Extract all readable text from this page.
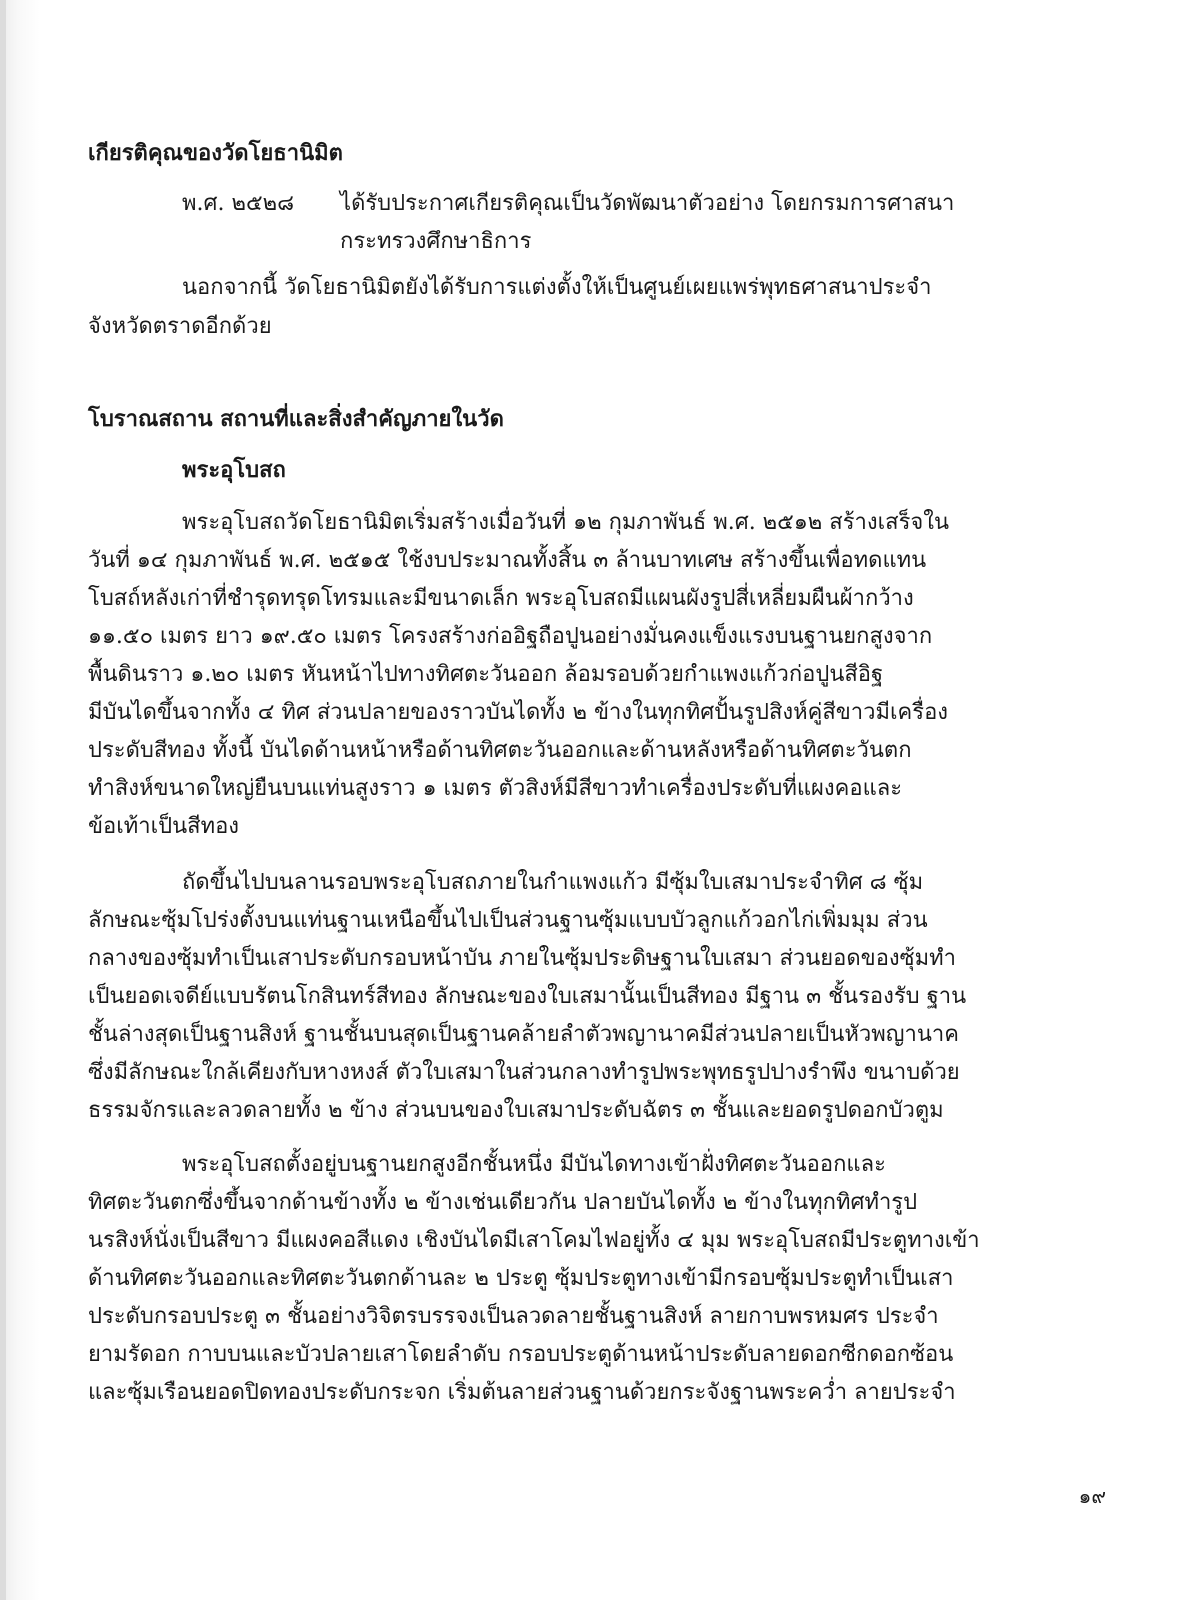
เกียรติคุณของวัดโยธานิมิต
พ.ศ. ๒๕๒๘ ได้รับประกาศเกียรติคุณเป็นวัดพัฒนาตัวอย่าง โดยกรมการศาสนา
กระทรวงศึกษาธิการ
นอกจากนี้ วัดโยธานิมิตยังได้รับการแต่งตั้งให้เป็นศูนย์เผยแพร่พุทธศาสนาประจำ
จังหวัดตราดอีกด้วย
โบราณสถาน สถานที่และสิ่งสำคัญภายในวัด
พระอุโบสถ
พระอุโบสถวัดโยธานิมิตเริ่มสร้างเมื่อวันที่ ๑๒ กุมภาพันธ์ พ.ศ. ๒๕๑๒ สร้างเสร็จใน
วันที่ ๑๔ กุมภาพันธ์ พ.ศ. ๒๕๑๕ ใช้งบประมาณทั้งสิ้น ๓ ล้านบาทเศษ สร้างขึ้นเพื่อทดแทน
โบสถ์หลังเก่าที่ชำรุดทรุดโทรมและมีขนาดเล็ก พระอุโบสถมีแผนผังรูปสี่เหลี่ยมผืนผ้ากว้าง
๑๑.๕๐ เมตร ยาว ๑๙.๕๐ เมตร โครงสร้างก่ออิฐถือปูนอย่างมั่นคงแข็งแรงบนฐานยกสูงจาก
พื้นดินราว ๑.๒๐ เมตร หันหน้าไปทางทิศตะวันออก ล้อมรอบด้วยกำแพงแก้วก่อปูนสีอิฐ
มีบันไดขึ้นจากทั้ง ๔ ทิศ ส่วนปลายของราวบันไดทั้ง ๒ ข้างในทุกทิศปั้นรูปสิงห์คู่สีขาวมีเครื่อง
ประดับสีทอง ทั้งนี้ บันไดด้านหน้าหรือด้านทิศตะวันออกและด้านหลังหรือด้านทิศตะวันตก
ทำสิงห์ขนาดใหญ่ยืนบนแท่นสูงราว ๑ เมตร ตัวสิงห์มีสีขาวทำเครื่องประดับที่แผงคอและ
ข้อเท้าเป็นสีทอง
ถัดขึ้นไปบนลานรอบพระอุโบสถภายในกำแพงแก้ว มีซุ้มใบเสมาประจำทิศ ๘ ซุ้ม
ลักษณะซุ้มโปร่งตั้งบนแท่นฐานเหนือขึ้นไปเป็นส่วนฐานซุ้มแบบบัวลูกแก้วอกไก่เพิ่มมุม ส่วน
กลางของซุ้มทำเป็นเสาประดับกรอบหน้าบัน ภายในซุ้มประดิษฐานใบเสมา ส่วนยอดของซุ้มทำ
เป็นยอดเจดีย์แบบรัตนโกสินทร์สีทอง ลักษณะของใบเสมานั้นเป็นสีทอง มีฐาน ๓ ชั้นรองรับ ฐาน
ชั้นล่างสุดเป็นฐานสิงห์ ฐานชั้นบนสุดเป็นฐานคล้ายลำตัวพญานาคมีส่วนปลายเป็นหัวพญานาค
ซึ่งมีลักษณะใกล้เคียงกับหางหงส์ ตัวใบเสมาในส่วนกลางทำรูปพระพุทธรูปปางรำพึง ขนาบด้วย
ธรรมจักรและลวดลายทั้ง ๒ ข้าง ส่วนบนของใบเสมาประดับฉัตร ๓ ชั้นและยอดรูปดอกบัวตูม
พระอุโบสถตั้งอยู่บนฐานยกสูงอีกชั้นหนึ่ง มีบันไดทางเข้าฝั่งทิศตะวันออกและ
ทิศตะวันตกซึ่งขึ้นจากด้านข้างทั้ง ๒ ข้างเช่นเดียวกัน ปลายบันไดทั้ง ๒ ข้างในทุกทิศทำรูป
นรสิงห์นั่งเป็นสีขาว มีแผงคอสีแดง เชิงบันไดมีเสาโคมไฟอยู่ทั้ง ๔ มุม พระอุโบสถมีประตูทางเข้า
ด้านทิศตะวันออกและทิศตะวันตกด้านละ ๒ ประตู ซุ้มประตูทางเข้ามีกรอบซุ้มประตูทำเป็นเสา
ประดับกรอบประตู ๓ ชั้นอย่างวิจิตรบรรจงเป็นลวดลายชั้นฐานสิงห์ ลายกาบพรหมศร ประจำ
ยามรัดอก กาบบนและบัวปลายเสาโดยลำดับ กรอบประตูด้านหน้าประดับลายดอกซีกดอกซ้อน
และซุ้มเรือนยอดปิดทองประดับกระจก เริ่มต้นลายส่วนฐานด้วยกระจังฐานพระคว่ำ ลายประจำ
๑๙
